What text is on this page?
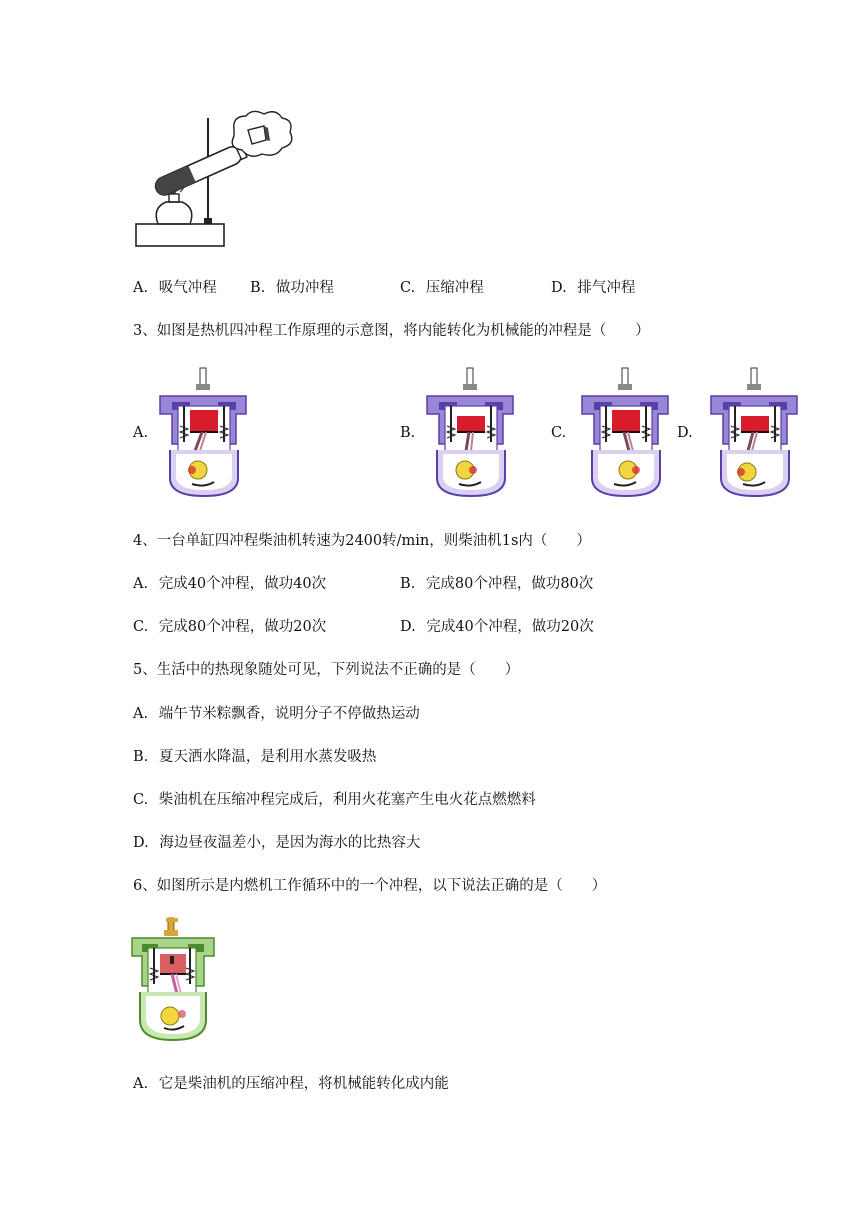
A. 吸气冲程 B. 做功冲程	C. 压缩冲程	D. 排气冲程
3、如图是热机四冲程工作原理的示意图，将内能转化为机械能的冲程是（　　）
A.	B.	C.	D.
4、一台单缸四冲程柴油机转速为2400转/min，则柴油机1s内（　　）
A. 完成40个冲程，做功40次	B. 完成80个冲程，做功80次
C. 完成80个冲程，做功20次	D. 完成40个冲程，做功20次
5、生活中的热现象随处可见，下列说法不正确的是（　　）
A. 端午节米粽飘香，说明分子不停做热运动
B. 夏天洒水降温，是利用水蒸发吸热
C. 柴油机在压缩冲程完成后，利用火花塞产生电火花点燃燃料
D. 海边昼夜温差小，是因为海水的比热容大
6、如图所示是内燃机工作循环中的一个冲程，以下说法正确的是（　　）
A. 它是柴油机的压缩冲程，将机械能转化成内能
